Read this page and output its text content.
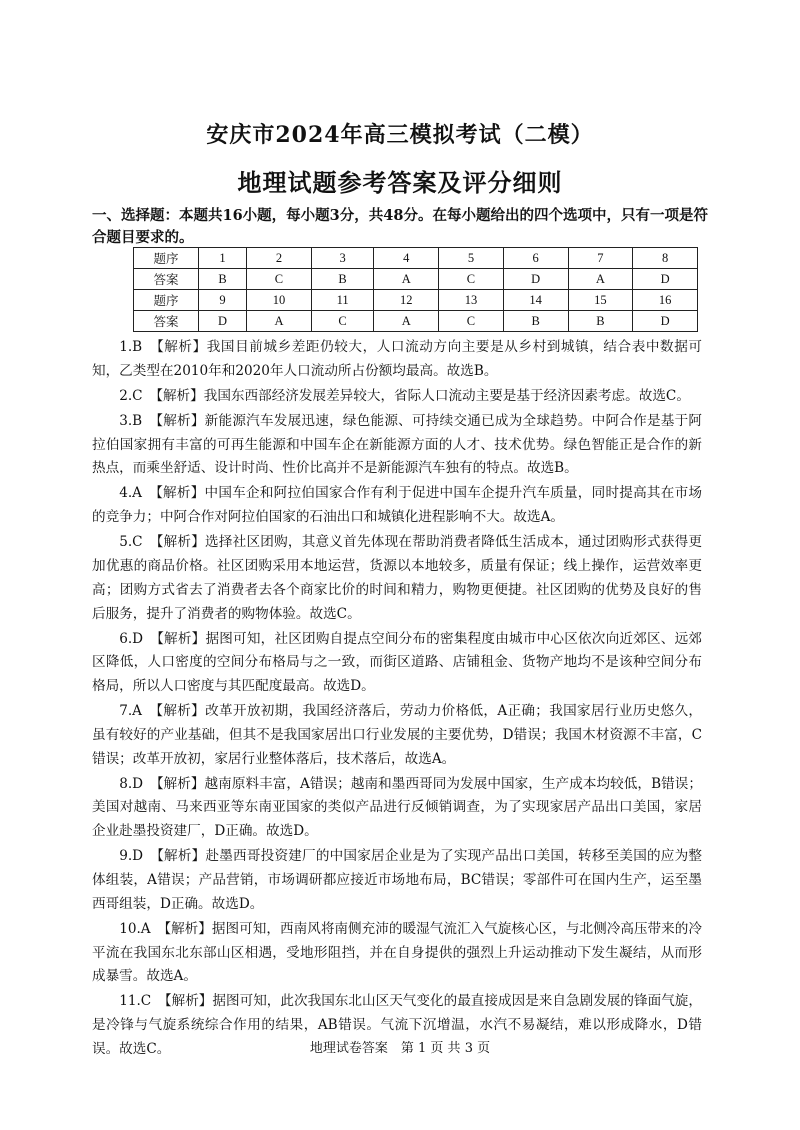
安庆市2024年高三模拟考试（二模）
地理试题参考答案及评分细则
一、选择题：本题共16小题，每小题3分，共48分。在每小题给出的四个选项中，只有一项是符合题目要求的。
题序	1	2	3	4	5	6	7	8
答案	B	C	B	A	C	D	A	D
题序	9	10	11	12	13	14	15	16
答案	D	A	C	A	C	B	B	D

1.B　【解析】我国目前城乡差距仍较大，人口流动方向主要是从乡村到城镇，结合表中数据可知，乙类型在2010年和2020年人口流动所占份额均最高。故选B。

2.C　【解析】我国东西部经济发展差异较大，省际人口流动主要是基于经济因素考虑。故选C。

3.B　【解析】新能源汽车发展迅速，绿色能源、可持续交通已成为全球趋势。中阿合作是基于阿拉伯国家拥有丰富的可再生能源和中国车企在新能源方面的人才、技术优势。绿色智能正是合作的新热点，而乘坐舒适、设计时尚、性价比高并不是新能源汽车独有的特点。故选B。

4.A　【解析】中国车企和阿拉伯国家合作有利于促进中国车企提升汽车质量，同时提高其在市场的竞争力；中阿合作对阿拉伯国家的石油出口和城镇化进程影响不大。故选A。

5.C　【解析】选择社区团购，其意义首先体现在帮助消费者降低生活成本，通过团购形式获得更加优惠的商品价格。社区团购采用本地运营，货源以本地较多，质量有保证；线上操作，运营效率更高；团购方式省去了消费者去各个商家比价的时间和精力，购物更便捷。社区团购的优势及良好的售后服务，提升了消费者的购物体验。故选C。

6.D　【解析】据图可知，社区团购自提点空间分布的密集程度由城市中心区依次向近郊区、远郊区降低，人口密度的空间分布格局与之一致，而街区道路、店铺租金、货物产地均不是该种空间分布格局，所以人口密度与其匹配度最高。故选D。

7.A　【解析】改革开放初期，我国经济落后，劳动力价格低，A正确；我国家居行业历史悠久，虽有较好的产业基础，但其不是我国家居出口行业发展的主要优势，D错误；我国木材资源不丰富，C错误；改革开放初，家居行业整体落后，技术落后，故选A。

8.D　【解析】越南原料丰富，A错误；越南和墨西哥同为发展中国家，生产成本均较低，B错误；美国对越南、马来西亚等东南亚国家的类似产品进行反倾销调查，为了实现家居产品出口美国，家居企业赴墨投资建厂，D正确。故选D。

9.D　【解析】赴墨西哥投资建厂的中国家居企业是为了实现产品出口美国，转移至美国的应为整体组装，A错误；产品营销，市场调研都应接近市场地布局，BC错误；零部件可在国内生产，运至墨西哥组装，D正确。故选D。

10.A　【解析】据图可知，西南风将南侧充沛的暖湿气流汇入气旋核心区，与北侧冷高压带来的冷平流在我国东北东部山区相遇，受地形阻挡，并在自身提供的强烈上升运动推动下发生凝结，从而形成暴雪。故选A。

11.C　【解析】据图可知，此次我国东北山区天气变化的最直接成因是来自急剧发展的锋面气旋，是冷锋与气旋系统综合作用的结果，AB错误。气流下沉增温，水汽不易凝结，难以形成降水，D错误。故选C。	地理试卷答案　第 1 页 共 3 页
